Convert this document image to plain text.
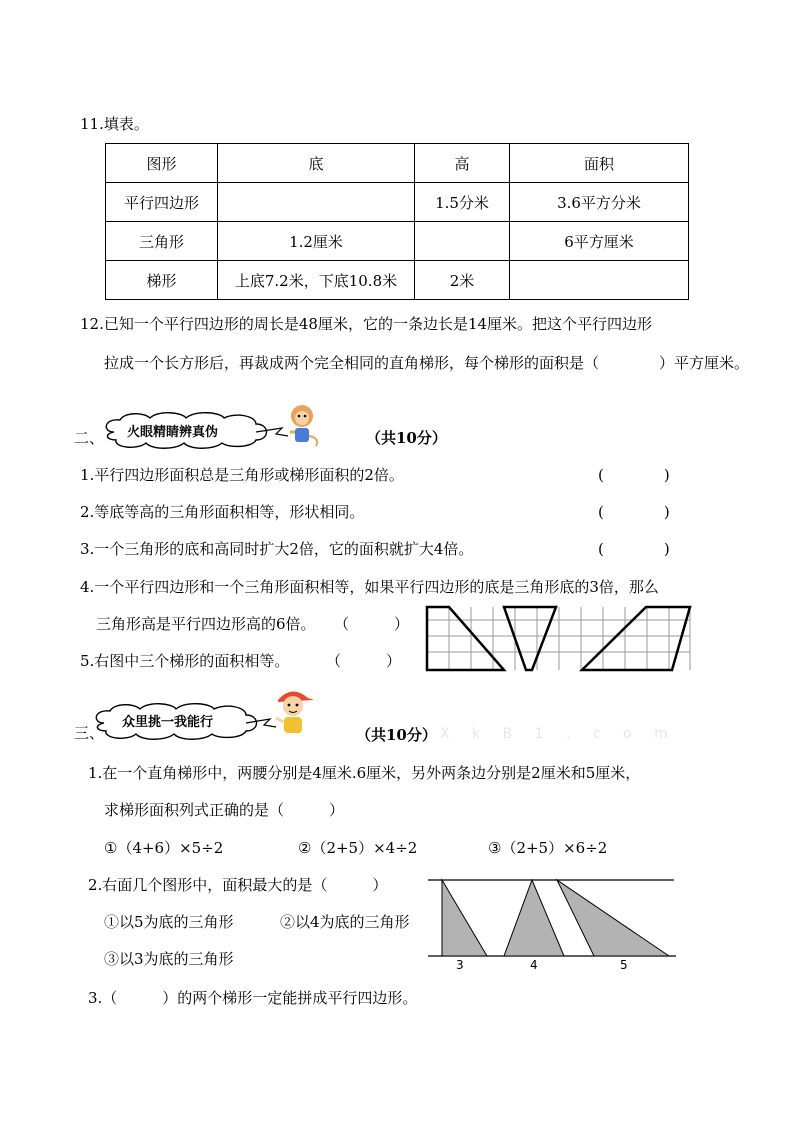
11.填表。
图形	底	高	面积
平行四边形		1.5分米	3.6平方分米
三角形	1.2厘米		6平方厘米
梯形	上底7.2米，下底10.8米	2米	
12.已知一个平行四边形的周长是48厘米，它的一条边长是14厘米。把这个平行四边形
拉成一个长方形后，再裁成两个完全相同的直角梯形，每个梯形的面积是（　　　　）平方厘米。
二、 火眼精睛辨真伪	（共10分）
1.平行四边形面积总是三角形或梯形面积的2倍。	(　　　　)
2.等底等高的三角形面积相等，形状相同。	(　　　　)
3.一个三角形的底和高同时扩大2倍，它的面积就扩大4倍。	(　　　　)
4.一个平行四边形和一个三角形面积相等，如果平行四边形的底是三角形底的3倍，那么
三角形高是平行四边形高的6倍。 （　　　）
5.右图中三个梯形的面积相等。 （　　　）
三、
众里挑一我能行
（共10分） X k B 1 . c o m
1.在一个直角梯形中，两腰分别是4厘米.6厘米，另外两条边分别是2厘米和5厘米，
求梯形面积列式正确的是（　　　）
①（4+6）×5÷2	②（2+5）×4÷2	③（2+5）×6÷2
2.右面几个图形中，面积最大的是（　　　）
①以5为底的三角形	②以4为底的三角形
③以3为底的三角形	3	4	5
3.（　　　）的两个梯形一定能拼成平行四边形。
